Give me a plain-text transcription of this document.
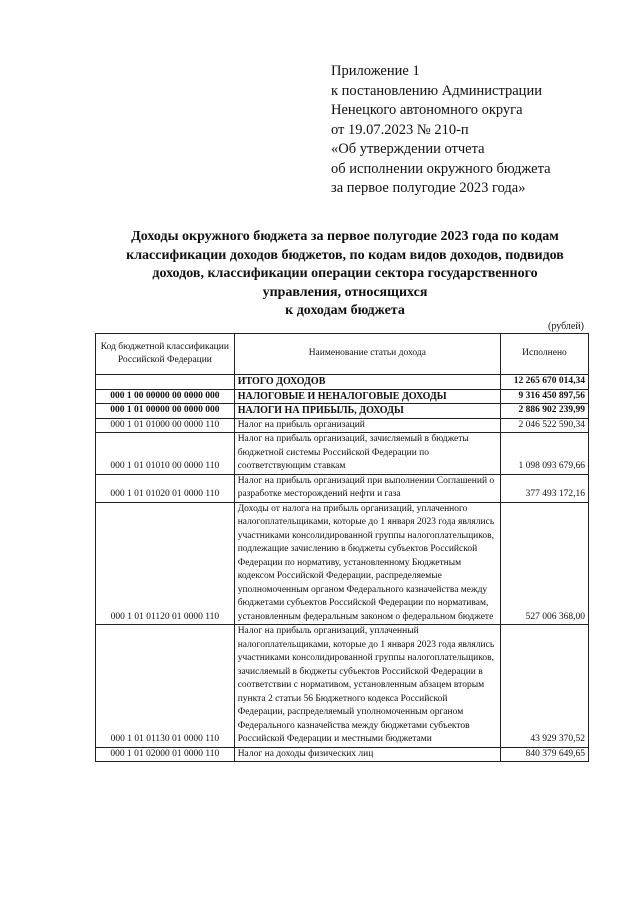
Приложение 1
к постановлению Администрации
Ненецкого автономного округа
от 19.07.2023 № 210-п
«Об утверждении отчета
об исполнении окружного бюджета
за первое полугодие 2023 года»
Доходы окружного бюджета за первое полугодие 2023 года по кодам
классификации доходов бюджетов, по кодам видов доходов, подвидов
доходов, классификации операции сектора государственного
управления, относящихся
к доходам бюджета
(рублей)
Код бюджетной классификации Российской Федерации	Наименование статьи дохода	Исполнено
	ИТОГО ДОХОДОВ	12 265 670 014,34
000 1 00 00000 00 0000 000	НАЛОГОВЫЕ И НЕНАЛОГОВЫЕ ДОХОДЫ	9 316 450 897,56
000 1 01 00000 00 0000 000	НАЛОГИ НА ПРИБЫЛЬ, ДОХОДЫ	2 886 902 239,99
000 1 01 01000 00 0000 110	Налог на прибыль организаций	2 046 522 590,34
000 1 01 01010 00 0000 110	Налог на прибыль организаций, зачисляемый в бюджеты бюджетной системы Российской Федерации по соответствующим ставкам	1 098 093 679,66
000 1 01 01020 01 0000 110	Налог на прибыль организаций при выполнении Соглашений о разработке месторождений нефти и газа	377 493 172,16
000 1 01 01120 01 0000 110	Доходы от налога на прибыль организаций, уплаченного налогоплательщиками, которые до 1 января 2023 года являлись участниками консолидированной группы налогоплательщиков, подлежащие зачислению в бюджеты субъектов Российской Федерации по нормативу, установленному Бюджетным кодексом Российской Федерации, распределяемые уполномоченным органом Федерального казначейства между бюджетами субъектов Российской Федерации по нормативам, установленным федеральным законом о федеральном бюджете	527 006 368,00
000 1 01 01130 01 0000 110	Налог на прибыль организаций, уплаченный налогоплательщиками, которые до 1 января 2023 года являлись участниками консолидированной группы налогоплательщиков, зачисляемый в бюджеты субъектов Российской Федерации в соответствии с нормативом, установленным абзацем вторым пункта 2 статьи 56 Бюджетного кодекса Российской Федерации, распределяемый уполномоченным органом Федерального казначейства между бюджетами субъектов Российской Федерации и местными бюджетами	43 929 370,52
000 1 01 02000 01 0000 110	Налог на доходы физических лиц	840 379 649,65
